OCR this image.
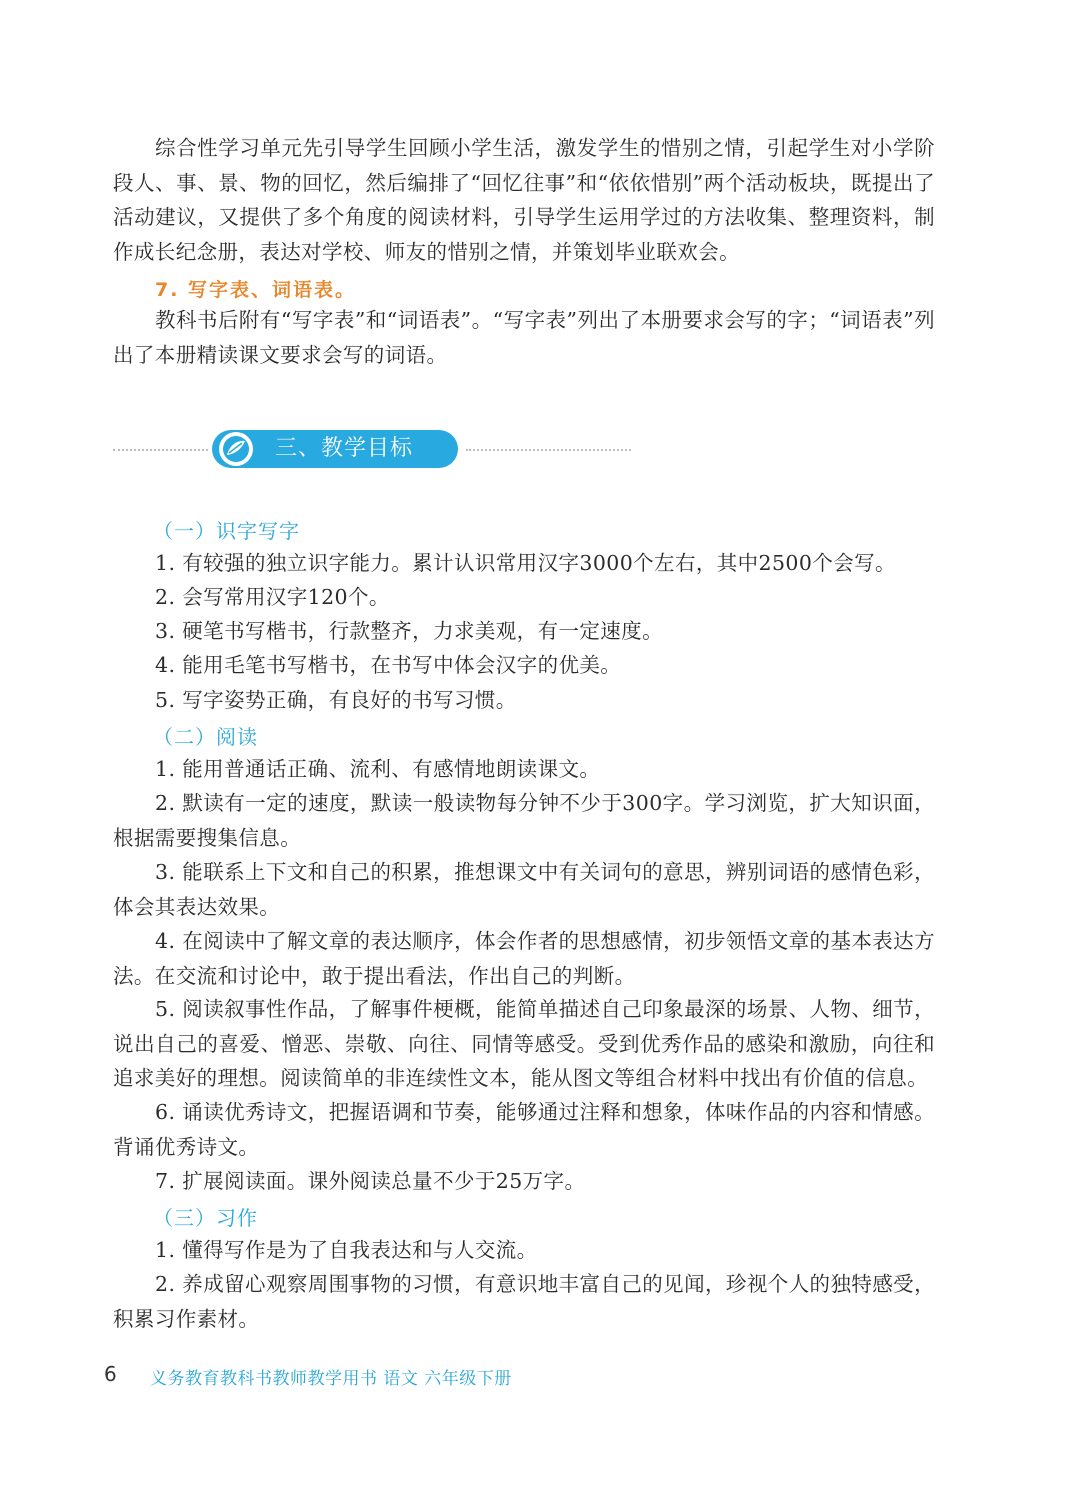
综合性学习单元先引导学生回顾小学生活，激发学生的惜别之情，引起学生对小学阶段人、事、景、物的回忆，然后编排了“回忆往事”和“依依惜别”两个活动板块，既提出了活动建议，又提供了多个角度的阅读材料，引导学生运用学过的方法收集、整理资料，制作成长纪念册，表达对学校、师友的惜别之情，并策划毕业联欢会。

7. 写字表、词语表。

教科书后附有“写字表”和“词语表”。“写字表”列出了本册要求会写的字；“词语表”列出了本册精读课文要求会写的词语。

三、教学目标
（一）识字写字

1. 有较强的独立识字能力。累计认识常用汉字3000个左右，其中2500个会写。

2. 会写常用汉字120个。

3. 硬笔书写楷书，行款整齐，力求美观，有一定速度。

4. 能用毛笔书写楷书，在书写中体会汉字的优美。

5. 写字姿势正确，有良好的书写习惯。

（二）阅读

1. 能用普通话正确、流利、有感情地朗读课文。

2. 默读有一定的速度，默读一般读物每分钟不少于300字。学习浏览，扩大知识面，根据需要搜集信息。

3. 能联系上下文和自己的积累，推想课文中有关词句的意思，辨别词语的感情色彩，体会其表达效果。

4. 在阅读中了解文章的表达顺序，体会作者的思想感情，初步领悟文章的基本表达方法。在交流和讨论中，敢于提出看法，作出自己的判断。

5. 阅读叙事性作品，了解事件梗概，能简单描述自己印象最深的场景、人物、细节，说出自己的喜爱、憎恶、崇敬、向往、同情等感受。受到优秀作品的感染和激励，向往和追求美好的理想。阅读简单的非连续性文本，能从图文等组合材料中找出有价值的信息。

6. 诵读优秀诗文，把握语调和节奏，能够通过注释和想象，体味作品的内容和情感。背诵优秀诗文。

7. 扩展阅读面。课外阅读总量不少于25万字。

（三）习作

1. 懂得写作是为了自我表达和与人交流。

2. 养成留心观察周围事物的习惯，有意识地丰富自己的见闻，珍视个人的独特感受，积累习作素材。

6 义务教育教科书教师教学用书 语文 六年级下册
